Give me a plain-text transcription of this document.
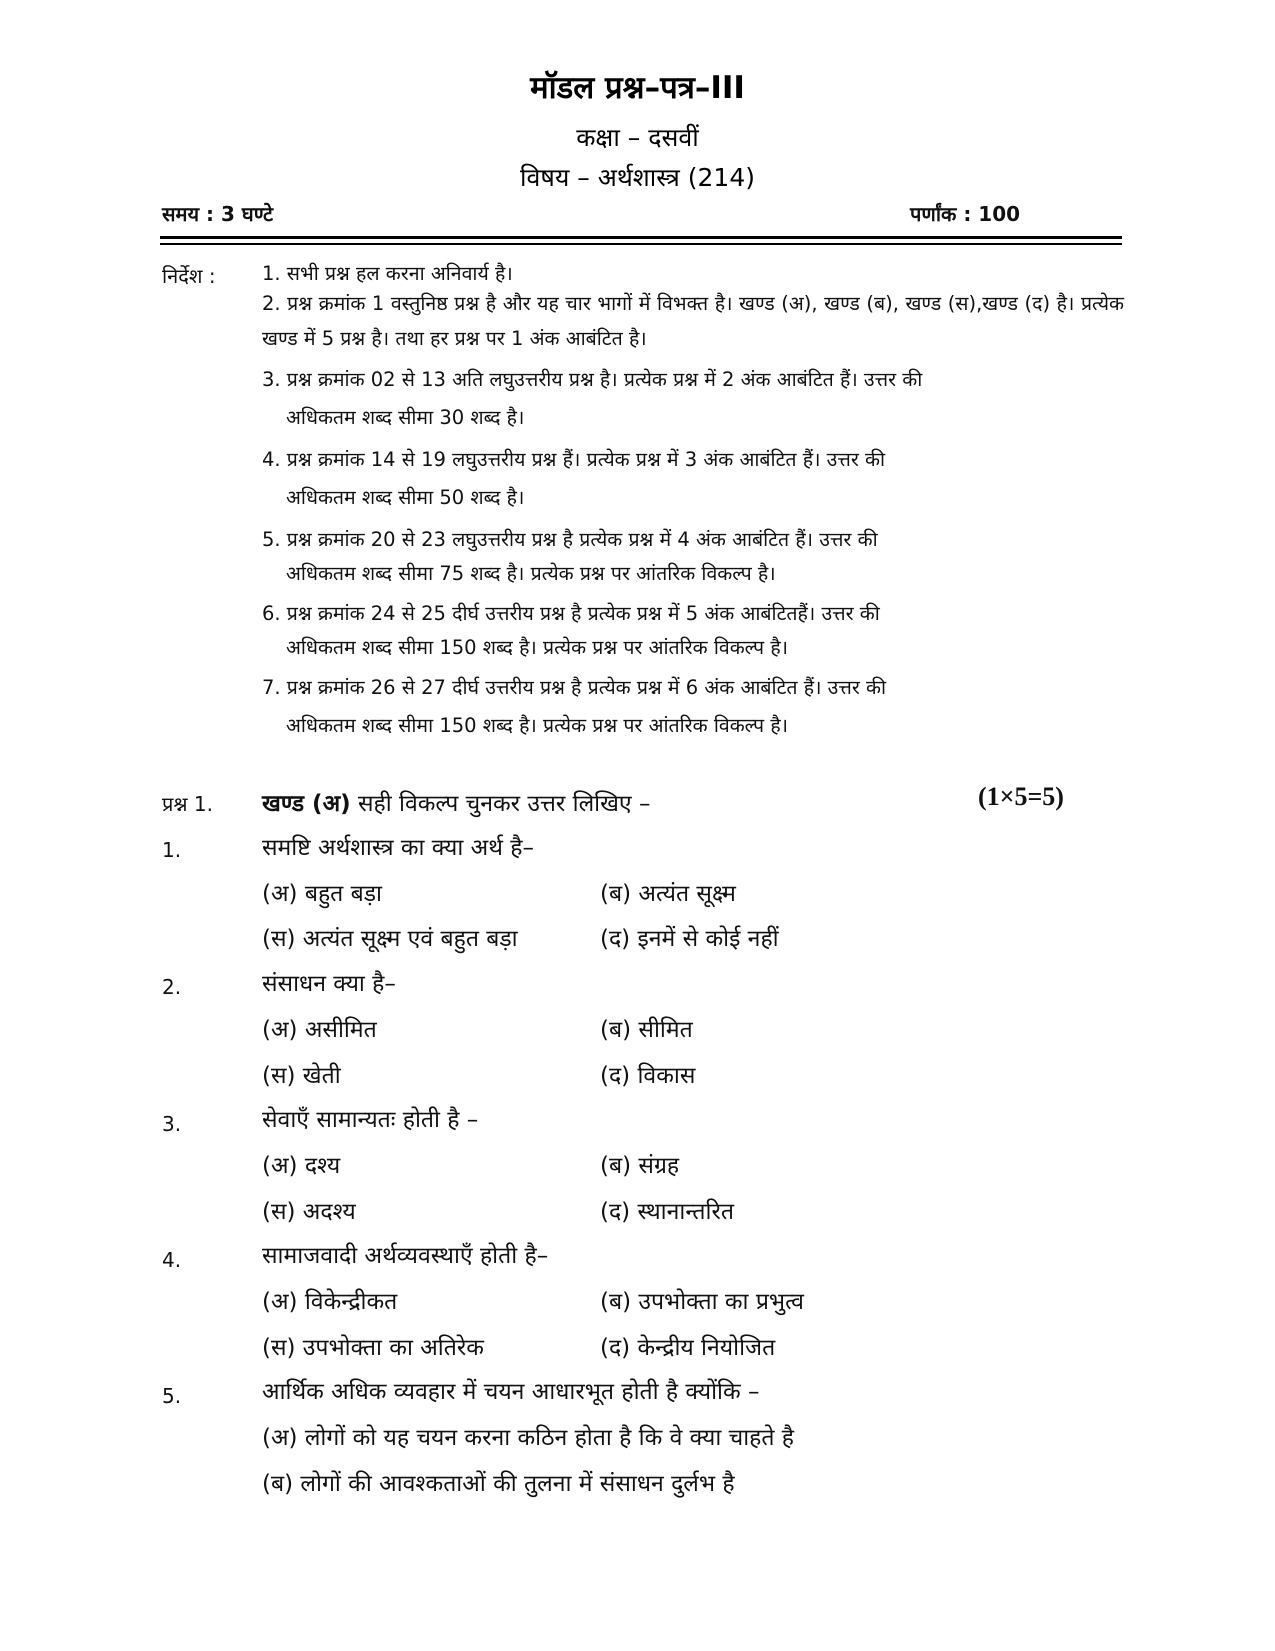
मॉडल प्रश्न–पत्र–III
कक्षा – दसवीं
विषय – अर्थशास्त्र (214)
समय : 3 घण्टे	पर्णांक : 100
निर्देश : 1. सभी प्रश्न हल करना अनिवार्य है।
2. प्रश्न क्रमांक 1 वस्तुनिष्ठ प्रश्न है और यह चार भागों में विभक्त है। खण्ड (अ), खण्ड (ब), खण्ड (स),खण्ड (द) है। प्रत्येक खण्ड में 5 प्रश्न है। तथा हर प्रश्न पर 1 अंक आबंटित है।
3. प्रश्न क्रमांक 02 से 13 अति लघुउत्तरीय प्रश्न है। प्रत्येक प्रश्न में 2 अंक आबंटित हैं। उत्तर की
अधिकतम शब्द सीमा 30 शब्द है।
4. प्रश्न क्रमांक 14 से 19 लघुउत्तरीय प्रश्न हैं। प्रत्येक प्रश्न में 3 अंक आबंटित हैं। उत्तर की
अधिकतम शब्द सीमा 50 शब्द है।
5. प्रश्न क्रमांक 20 से 23 लघुउत्तरीय प्रश्न है प्रत्येक प्रश्न में 4 अंक आबंटित हैं। उत्तर की
अधिकतम शब्द सीमा 75 शब्द है। प्रत्येक प्रश्न पर आंतरिक विकल्प है।
6. प्रश्न क्रमांक 24 से 25 दीर्घ उत्तरीय प्रश्न है प्रत्येक प्रश्न में 5 अंक आबंटितहैं। उत्तर की
अधिकतम शब्द सीमा 150 शब्द है। प्रत्येक प्रश्न पर आंतरिक विकल्प है।
7. प्रश्न क्रमांक 26 से 27 दीर्घ उत्तरीय प्रश्न है प्रत्येक प्रश्न में 6 अंक आबंटित हैं। उत्तर की
अधिकतम शब्द सीमा 150 शब्द है। प्रत्येक प्रश्न पर आंतरिक विकल्प है।
प्रश्न 1. खण्ड (अ) सही विकल्प चुनकर उत्तर लिखिए –	(1×5=5)
1.	समष्टि अर्थशास्त्र का क्या अर्थ है–
(अ) बहुत बड़ा	(ब) अत्यंत सूक्ष्म
(स) अत्यंत सूक्ष्म एवं बहुत बड़ा	(द) इनमें से कोई नहीं
2.	संसाधन क्या है–
(अ) असीमित	(ब) सीमित
(स) खेती	(द) विकास
3.	सेवाएँ सामान्यतः होती है –
(अ) दश्य	(ब) संग्रह
(स) अदश्य	(द) स्थानान्तरित
4.	सामाजवादी अर्थव्यवस्थाएँ होती है–
(अ) विकेन्द्रीकत	(ब) उपभोक्ता का प्रभुत्व
(स) उपभोक्ता का अतिरेक	(द) केन्द्रीय नियोजित
5.	आर्थिक अधिक व्यवहार में चयन आधारभूत होती है क्योंकि –
(अ) लोगों को यह चयन करना कठिन होता है कि वे क्या चाहते है
(ब) लोगों की आवश्कताओं की तुलना में संसाधन दुर्लभ है
